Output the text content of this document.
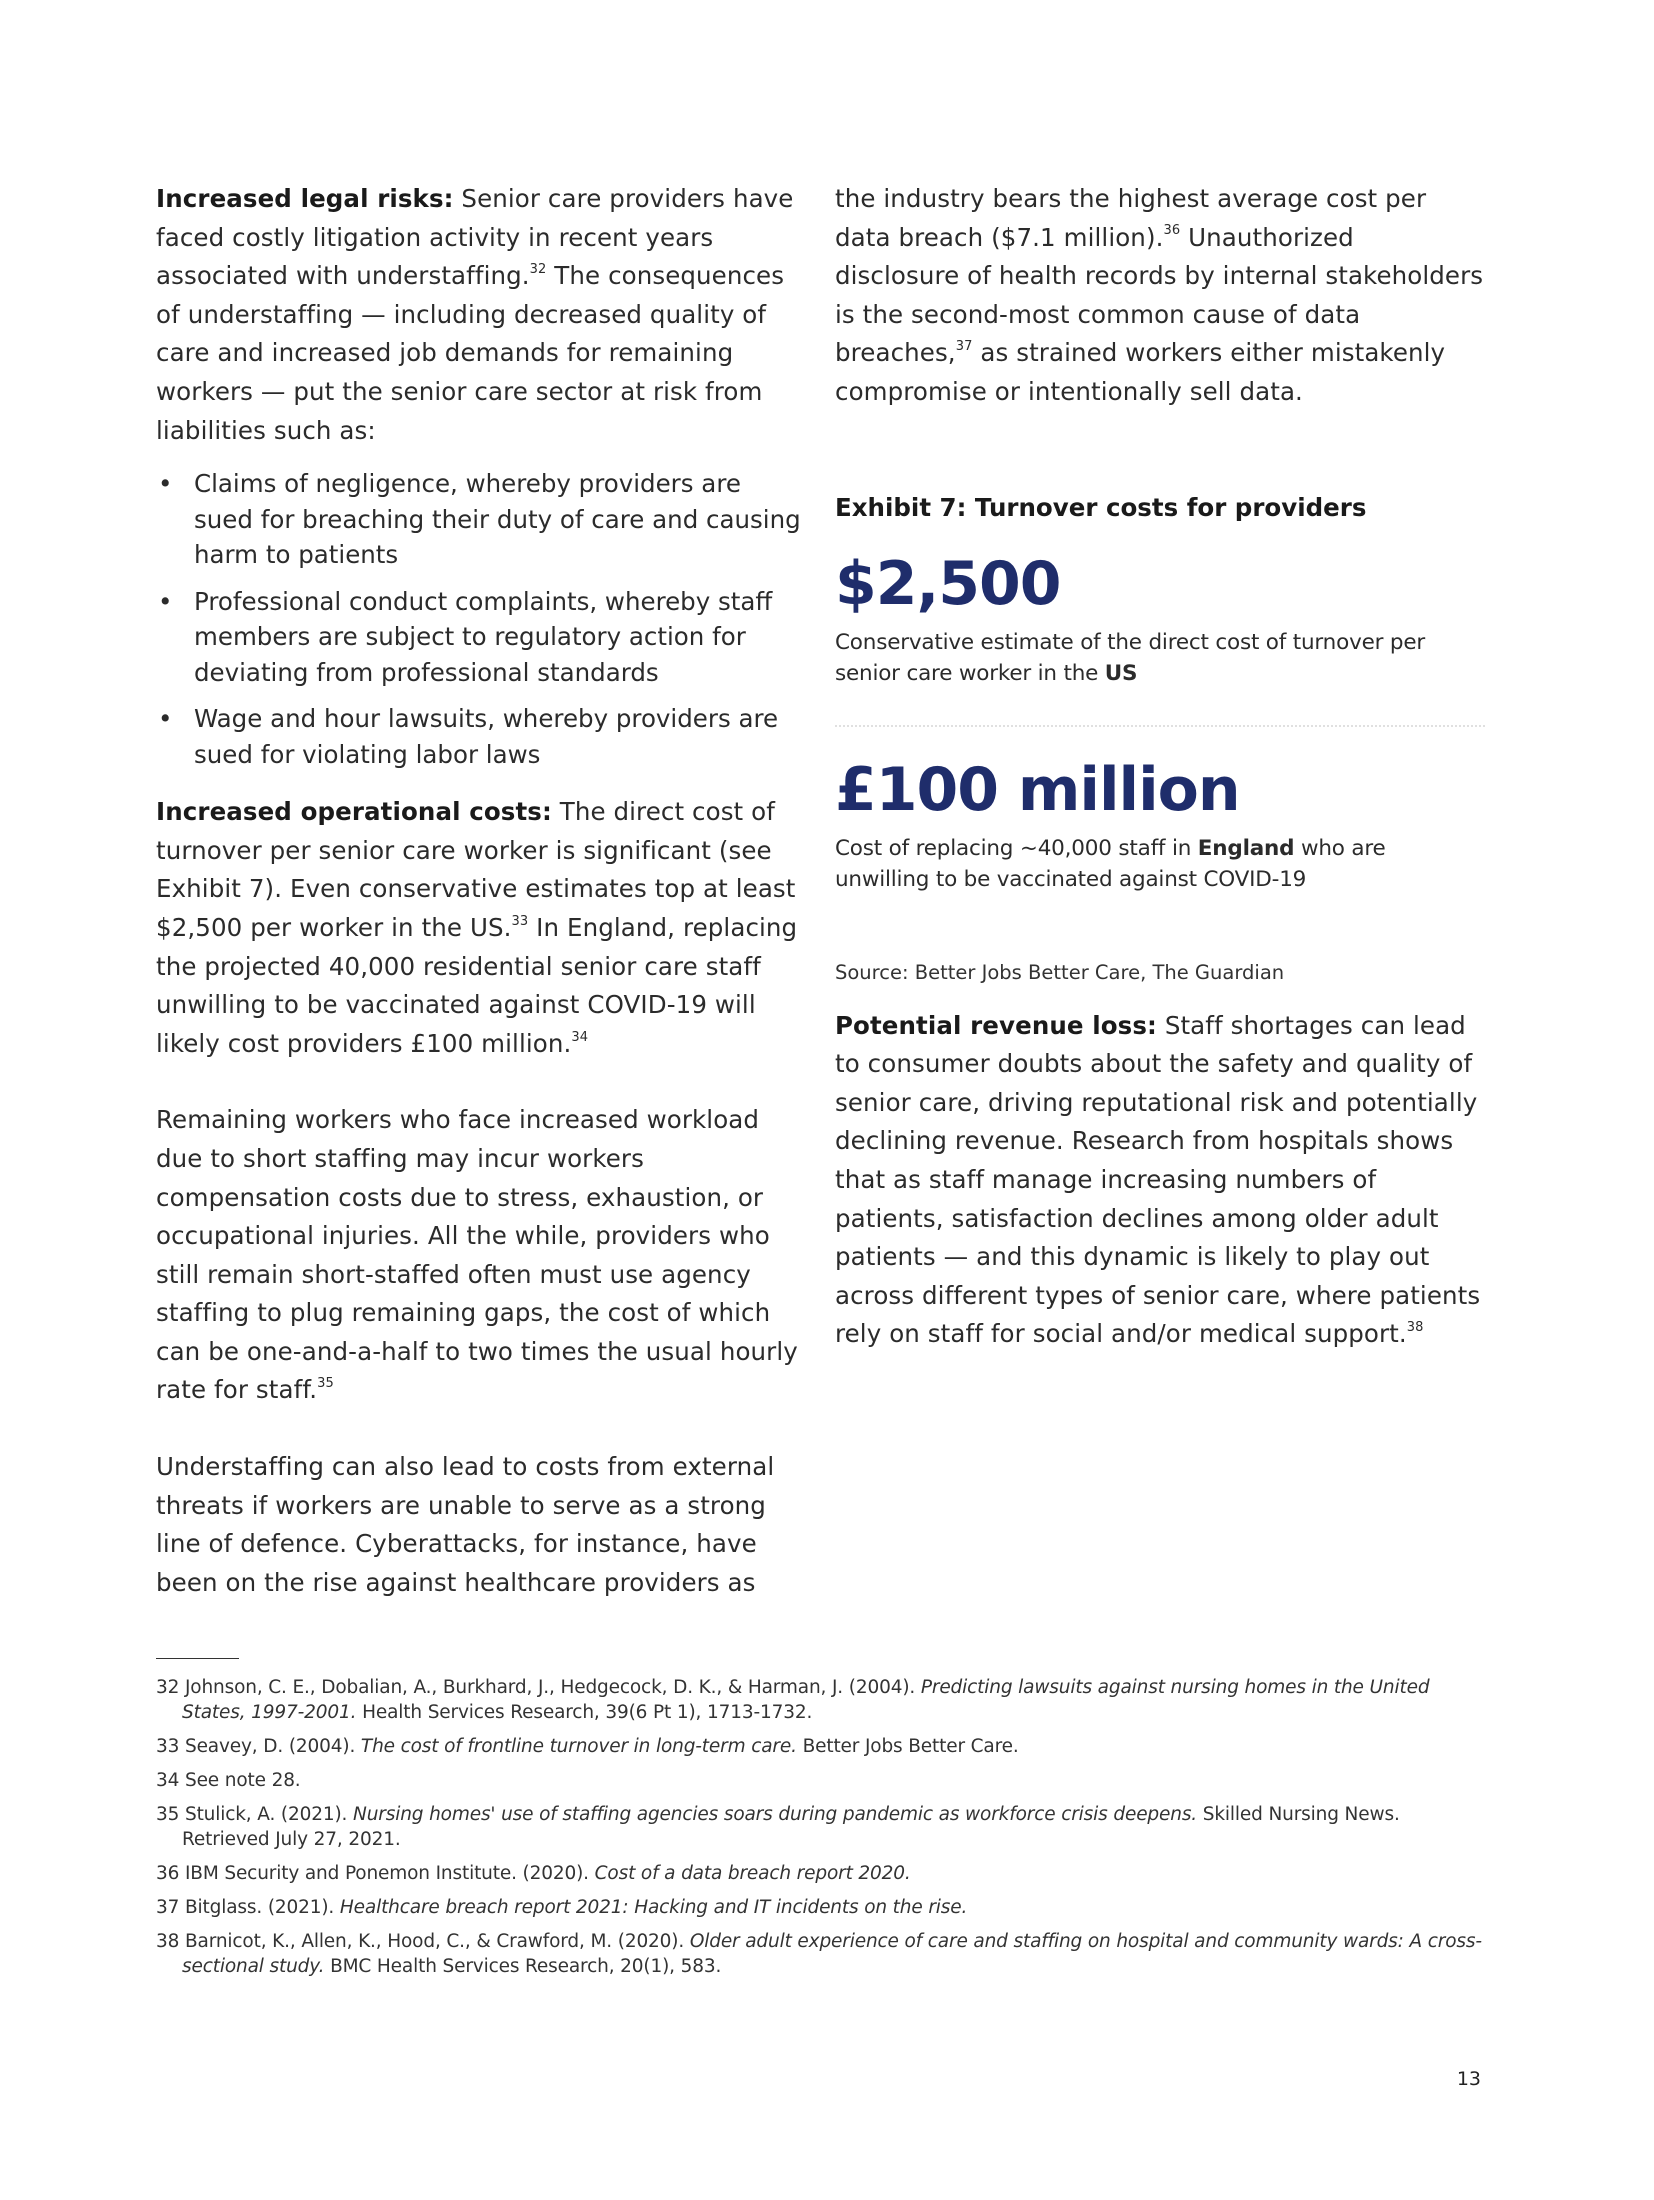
Increased legal risks: Senior care providers have faced costly litigation activity in recent years associated with understaffing.$^{32}$ The consequences of understaffing — including decreased quality of care and increased job demands for remaining workers — put the senior care sector at risk from liabilities such as:

• Claims of negligence, whereby providers are sued for breaching their duty of care and causing harm to patients
• Professional conduct complaints, whereby staff members are subject to regulatory action for deviating from professional standards
• Wage and hour lawsuits, whereby providers are sued for violating labor laws

Increased operational costs: The direct cost of turnover per senior care worker is significant (see Exhibit 7). Even conservative estimates top at least $2,500 per worker in the US.$^{33}$ In England, replacing the projected 40,000 residential senior care staff unwilling to be vaccinated against COVID-19 will likely cost providers £100 million.$^{34}$

Remaining workers who face increased workload due to short staffing may incur workers compensation costs due to stress, exhaustion, or occupational injuries. All the while, providers who still remain short-staffed often must use agency staffing to plug remaining gaps, the cost of which can be one-and-a-half to two times the usual hourly rate for staff.$^{35}$

Understaffing can also lead to costs from external threats if workers are unable to serve as a strong line of defence. Cyberattacks, for instance, have been on the rise against healthcare providers as

the industry bears the highest average cost per data breach ($7.1 million).$^{36}$ Unauthorized disclosure of health records by internal stakeholders is the second-most common cause of data breaches,$^{37}$ as strained workers either mistakenly compromise or intentionally sell data.

Exhibit 7: Turnover costs for providers

$2,500

Conservative estimate of the direct cost of turnover per senior care worker in the US

£100 million

Cost of replacing ~40,000 staff in England who are unwilling to be vaccinated against COVID-19

Source: Better Jobs Better Care, The Guardian

Potential revenue loss: Staff shortages can lead to consumer doubts about the safety and quality of senior care, driving reputational risk and potentially declining revenue. Research from hospitals shows that as staff manage increasing numbers of patients, satisfaction declines among older adult patients — and this dynamic is likely to play out across different types of senior care, where patients rely on staff for social and/or medical support.$^{38}$

32 Johnson, C. E., Dobalian, A., Burkhard, J., Hedgecock, D. K., & Harman, J. (2004). Predicting lawsuits against nursing homes in the United States, 1997-2001. Health Services Research, 39(6 Pt 1), 1713-1732.

33 Seavey, D. (2004). The cost of frontline turnover in long-term care. Better Jobs Better Care.

34 See note 28.

35 Stulick, A. (2021). Nursing homes' use of staffing agencies soars during pandemic as workforce crisis deepens. Skilled Nursing News. Retrieved July 27, 2021.

36 IBM Security and Ponemon Institute. (2020). Cost of a data breach report 2020.

37 Bitglass. (2021). Healthcare breach report 2021: Hacking and IT incidents on the rise.

38 Barnicot, K., Allen, K., Hood, C., & Crawford, M. (2020). Older adult experience of care and staffing on hospital and community wards: A cross-sectional study. BMC Health Services Research, 20(1), 583.

13
